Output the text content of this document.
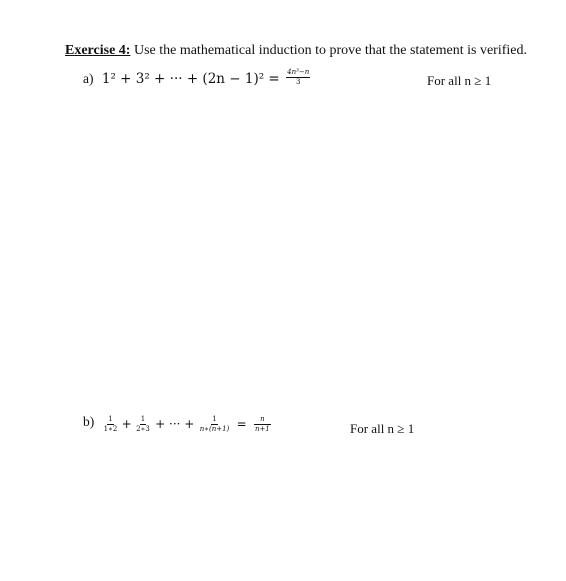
Exercise 4: Use the mathematical induction to prove that the statement is verified.
a) 1² + 3² + ··· + $(2n - 1)^2 = \frac{\text{4n³−n}}{3}$	For all n ≥ 1
$b) \frac{1}{1∗2} + \frac{1}{2∗3}$ + ··· + $\frac{1}{n∗(n+1)} = \frac{n}{n+1}$	For all n ≥ 1
